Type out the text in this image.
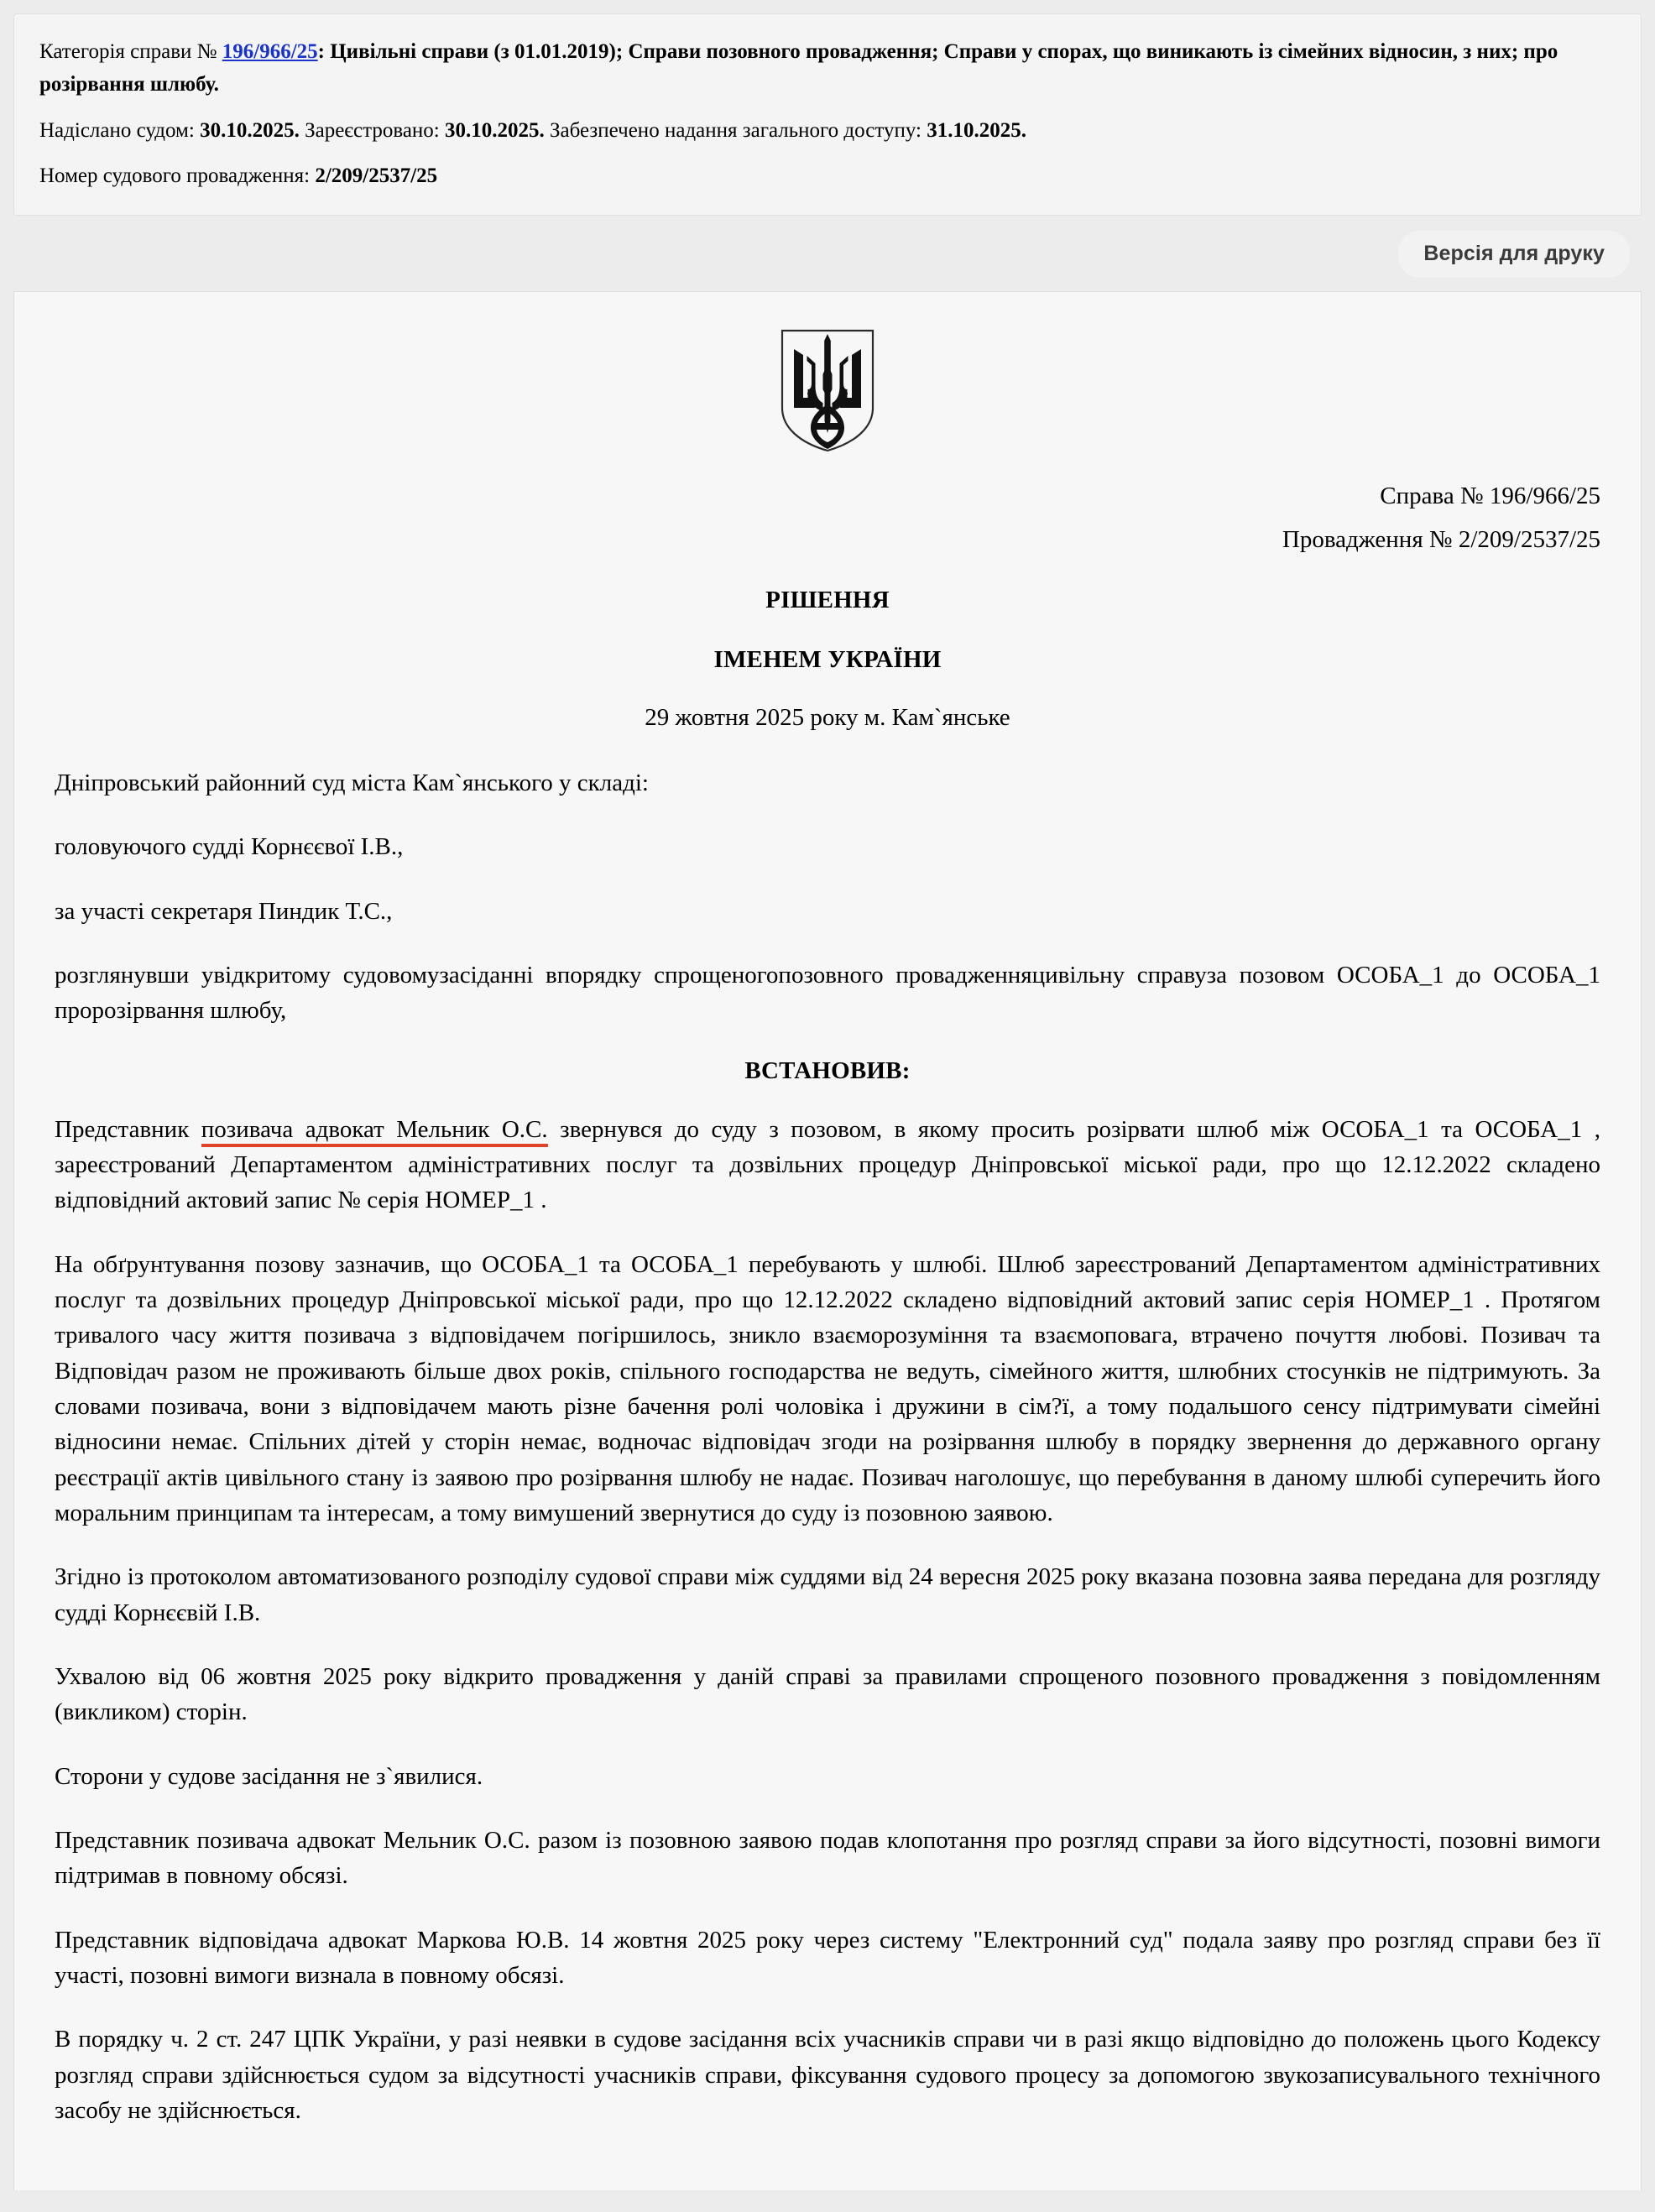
Категорія справи № 196/966/25: Цивільні справи (з 01.01.2019); Справи позовного провадження; Справи у спорах, що виникають із сімейних відносин, з них; про розірвання шлюбу.

Надіслано судом: 30.10.2025. Зареєстровано: 30.10.2025. Забезпечено надання загального доступу: 31.10.2025.

Номер судового провадження: 2/209/2537/25

Версія для друку

Справа № 196/966/25

Провадження № 2/209/2537/25

РІШЕННЯ
ІМЕНЕМ УКРАЇНИ

29 жовтня 2025 року м. Кам`янське

Дніпровський районний суд міста Кам`янського у складі:

головуючого судді Корнєєвої І.В.,

за участі секретаря Пиндик Т.С.,

розглянувши увідкритому судовомузасіданні впорядку спрощеногопозовного провадженняцивільну справуза позовом ОСОБА_1 до ОСОБА_1 пророзірвання шлюбу,

ВСТАНОВИВ:

Представник позивача адвокат Мельник О.С. звернувся до суду з позовом, в якому просить розірвати шлюб між ОСОБА_1 та ОСОБА_1 , зареєстрований Департаментом адміністративних послуг та дозвільних процедур Дніпровської міської ради, про що 12.12.2022 складено відповідний актовий запис № серія НОМЕР_1 .

На обґрунтування позову зазначив, що ОСОБА_1 та ОСОБА_1 перебувають у шлюбі. Шлюб зареєстрований Департаментом адміністративних послуг та дозвільних процедур Дніпровської міської ради, про що 12.12.2022 складено відповідний актовий запис серія НОМЕР_1 . Протягом тривалого часу життя позивача з відповідачем погіршилось, зникло взаєморозуміння та взаємоповага, втрачено почуття любові. Позивач та Відповідач разом не проживають більше двох років, спільного господарства не ведуть, сімейного життя, шлюбних стосунків не підтримують. За словами позивача, вони з відповідачем мають різне бачення ролі чоловіка і дружини в сім?ї, а тому подальшого сенсу підтримувати сімейні відносини немає. Спільних дітей у сторін немає, водночас відповідач згоди на розірвання шлюбу в порядку звернення до державного органу реєстрації актів цивільного стану із заявою про розірвання шлюбу не надає. Позивач наголошує, що перебування в даному шлюбі суперечить його моральним принципам та інтересам, а тому вимушений звернутися до суду із позовною заявою.

Згідно із протоколом автоматизованого розподілу судової справи між суддями від 24 вересня 2025 року вказана позовна заява передана для розгляду судді Корнєєвій І.В.

Ухвалою від 06 жовтня 2025 року відкрито провадження у даній справі за правилами спрощеного позовного провадження з повідомленням (викликом) сторін.

Сторони у судове засідання не з`явилися.

Представник позивача адвокат Мельник О.С. разом із позовною заявою подав клопотання про розгляд справи за його відсутності, позовні вимоги підтримав в повному обсязі.

Представник відповідача адвокат Маркова Ю.В. 14 жовтня 2025 року через систему "Електронний суд" подала заяву про розгляд справи без її участі, позовні вимоги визнала в повному обсязі.

В порядку ч. 2 ст. 247 ЦПК України, у разі неявки в судове засідання всіх учасників справи чи в разі якщо відповідно до положень цього Кодексу розгляд справи здійснюється судом за відсутності учасників справи, фіксування судового процесу за допомогою звукозаписувального технічного засобу не здійснюється.
